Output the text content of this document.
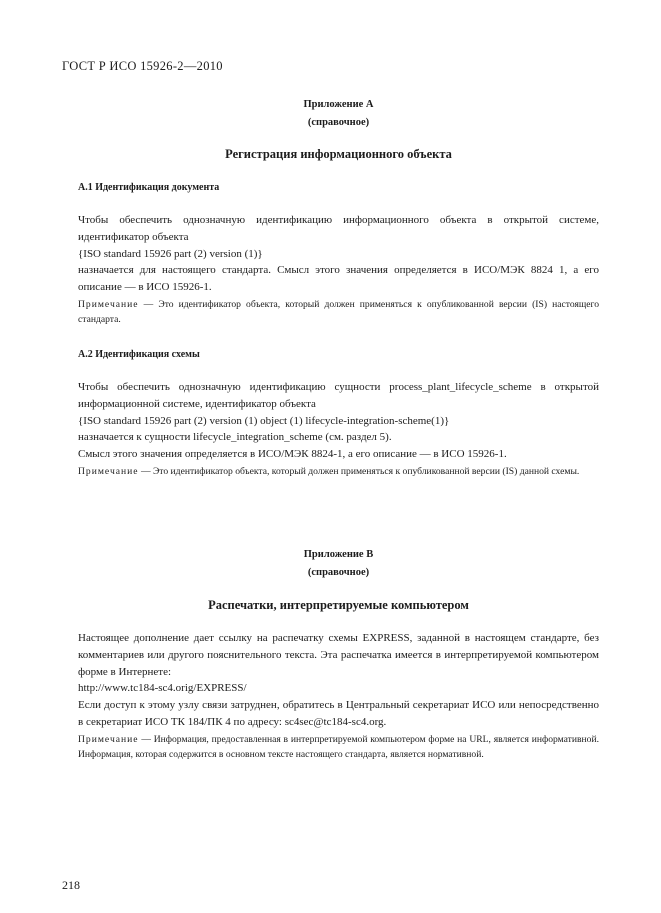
ГОСТ Р ИСО 15926-2—2010
Приложение А
(справочное)
Регистрация информационного объекта
А.1 Идентификация документа

Чтобы обеспечить однозначную идентификацию информационного объекта в открытой системе, идентификатор объекта

{ISO standard 15926 part (2) version (1)}

назначается для настоящего стандарта. Смысл этого значения определяется в ИСО/МЭК 8824 1, а его описание — в ИСО 15926-1.

Примечание — Это идентификатор объекта, который должен применяться к опубликованной версии (IS) настоящего стандарта.
А.2 Идентификация схемы

Чтобы обеспечить однозначную идентификацию сущности process_plant_lifecycle_scheme в открытой информационной системе, идентификатор объекта

{ISO standard 15926 part (2) version (1) object (1) lifecycle-integration-scheme(1)}

назначается к сущности lifecycle_integration_scheme (см. раздел 5).

Смысл этого значения определяется в ИСО/МЭК 8824-1, а его описание — в ИСО 15926-1.

Примечание — Это идентификатор объекта, который должен применяться к опубликованной версии (IS) данной схемы.
Приложение В
(справочное)
Распечатки, интерпретируемые компьютером

Настоящее дополнение дает ссылку на распечатку схемы EXPRESS, заданной в настоящем стандарте, без комментариев или другого пояснительного текста. Эта распечатка имеется в интерпретируемой компьютером форме в Интернете:

http://www.tc184-sc4.orig/EXPRESS/

Если доступ к этому узлу связи затруднен, обратитесь в Центральный секретариат ИСО или непосредственно в секретариат ИСО ТК 184/ПК 4 по адресу: sc4sec@tc184-sc4.org.

Примечание — Информация, предоставленная в интерпретируемой компьютером форме на URL, является информативной. Информация, которая содержится в основном тексте настоящего стандарта, является нормативной.
218
